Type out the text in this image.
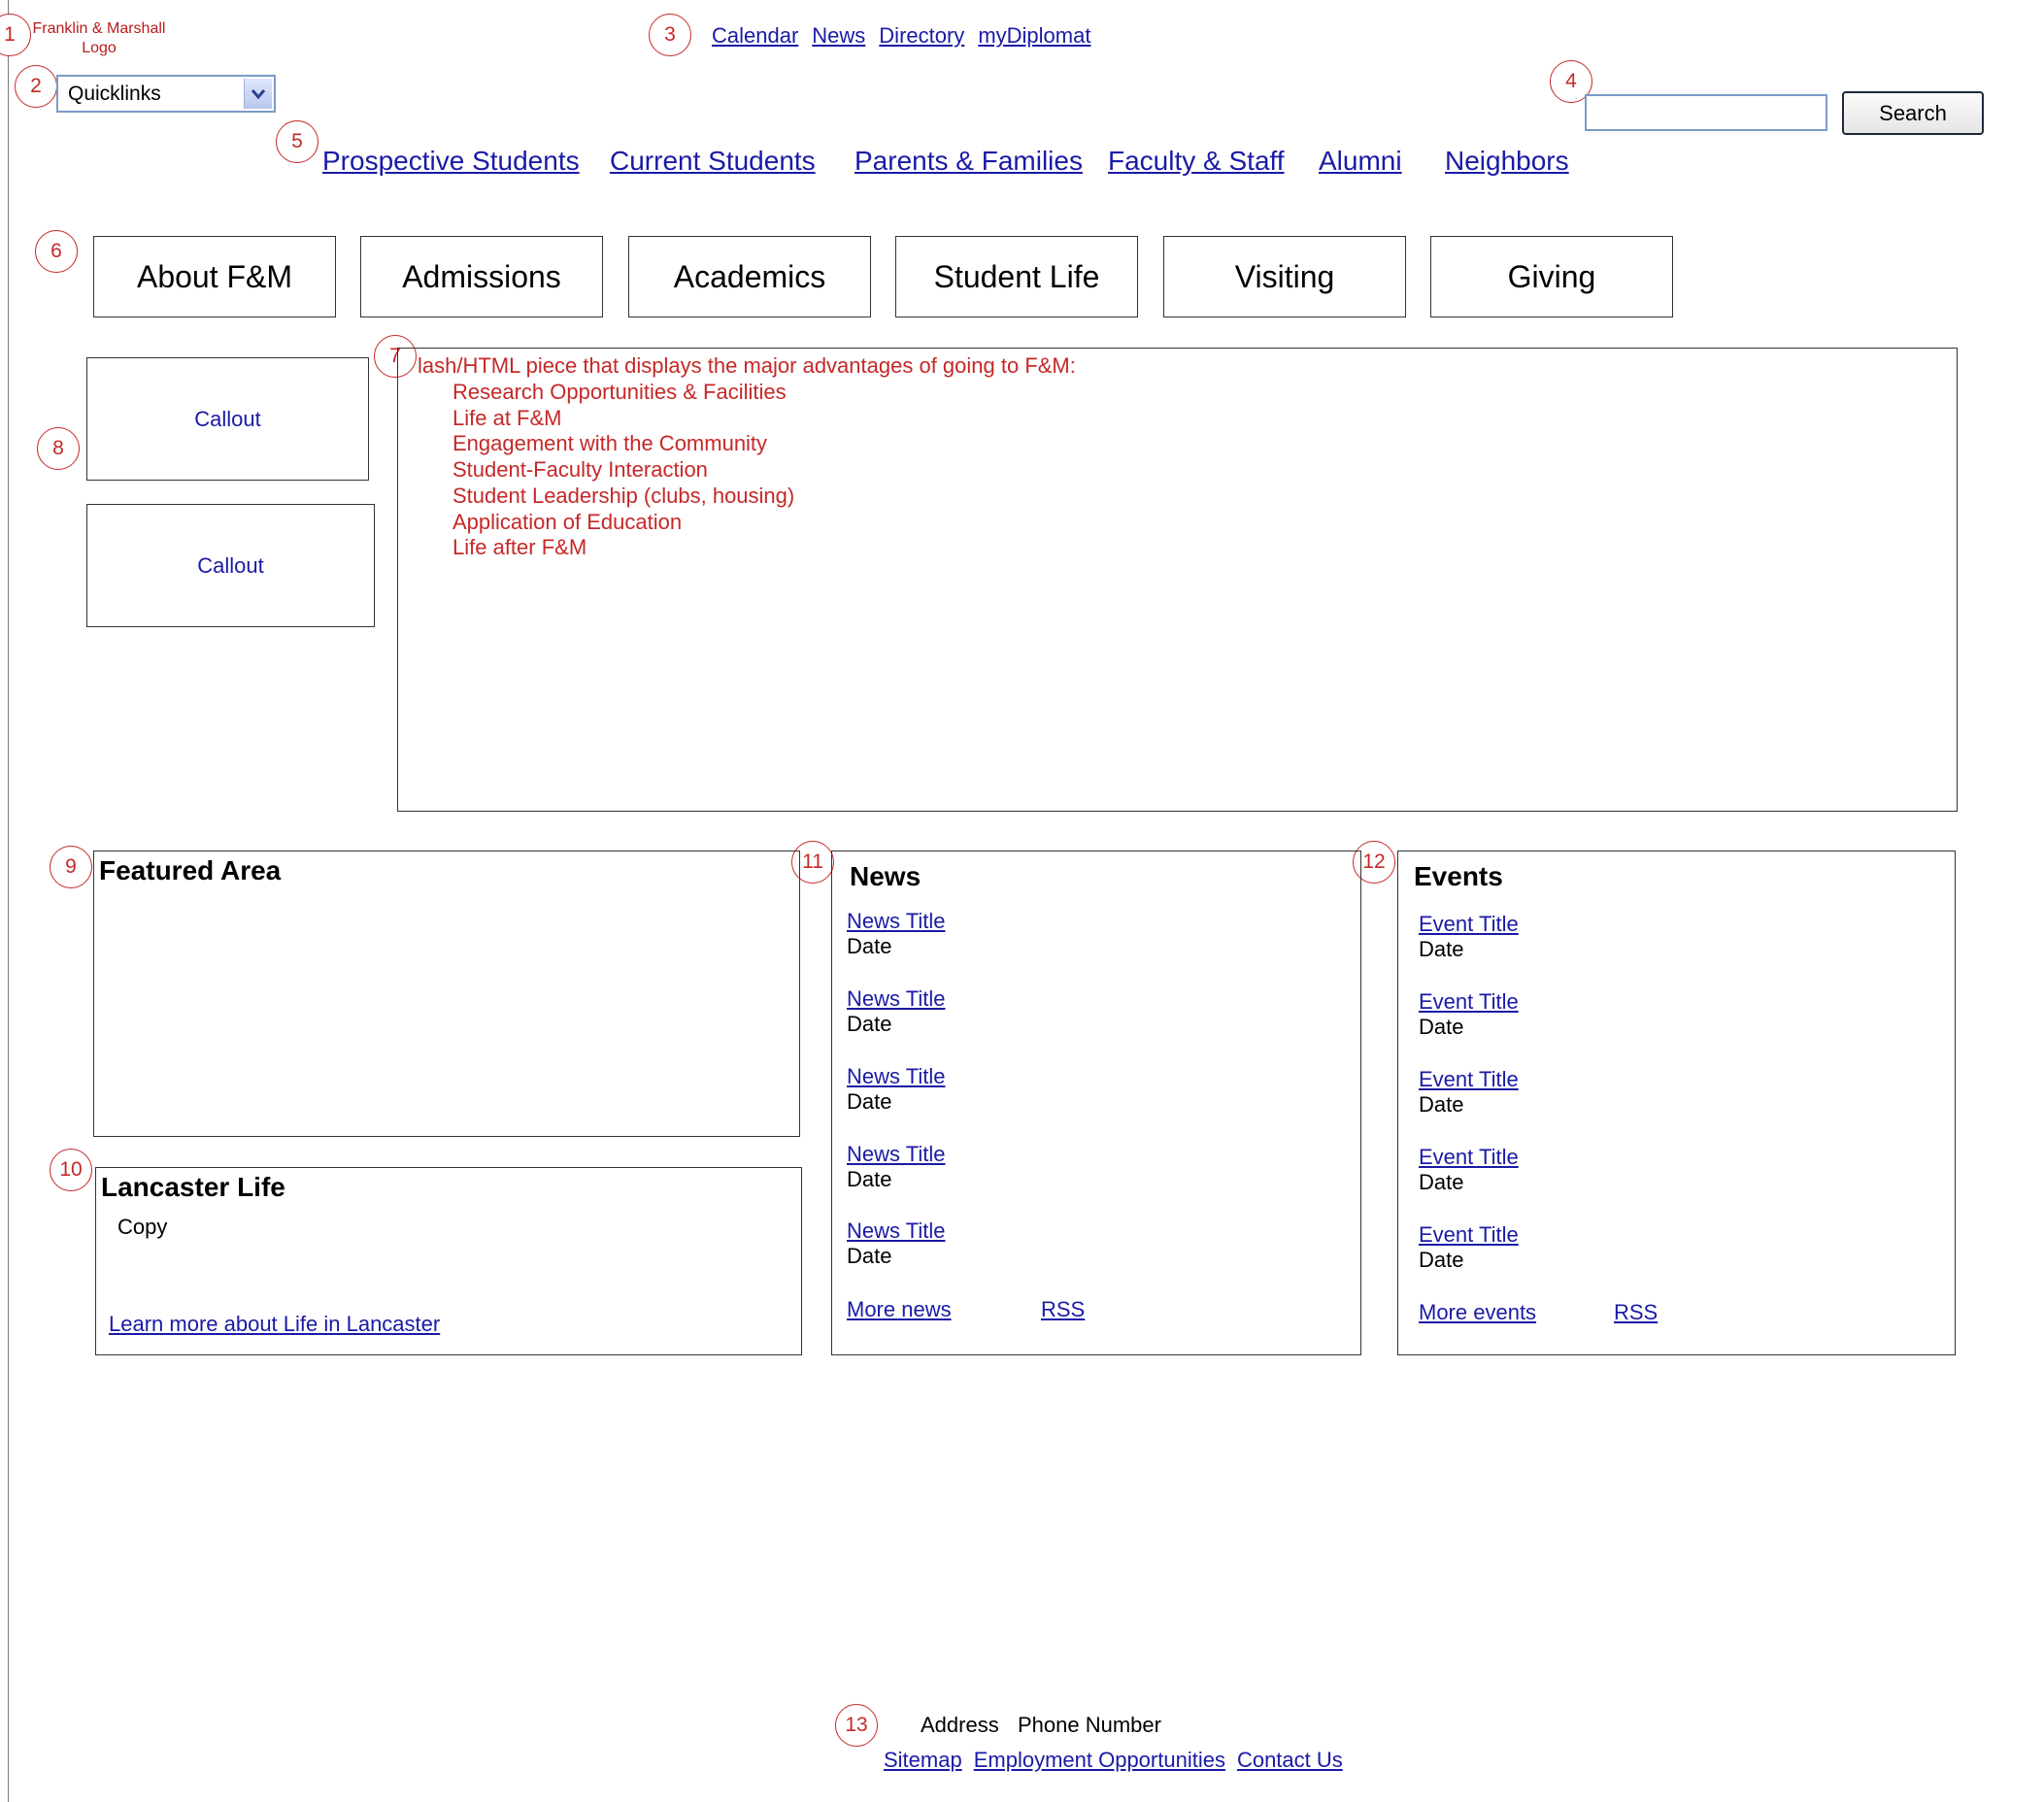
Franklin & Marshall
Logo
1
2
3
4
5
6
7
8
9
10
11	12
13
Calendar News Directory myDiplomat
Quicklinks
Search
Prospective Students Current Students Parents & Families Faculty & Staff Alumni Neighbors
About F&M	Admissions	Academics	Student Life	Visiting	Giving
Callout
Callout
lash/HTML piece that displays the major advantages of going to F&M:
Research Opportunities & Facilities
Life at F&M
Engagement with the Community
Student-Faculty Interaction
Student Leadership (clubs, housing)
Application of Education
Life after F&M
Featured Area
Lancaster Life
Copy
Learn more about Life in Lancaster
News
News Title
Date
News Title
Date
News Title
Date
News Title
Date
News Title
Date
More news	RSS
Events
Event Title
Date
Event Title
Date
Event Title
Date
Event Title
Date
Event Title
Date
More events	RSS
Address Phone Number
Sitemap Employment Opportunities Contact Us
